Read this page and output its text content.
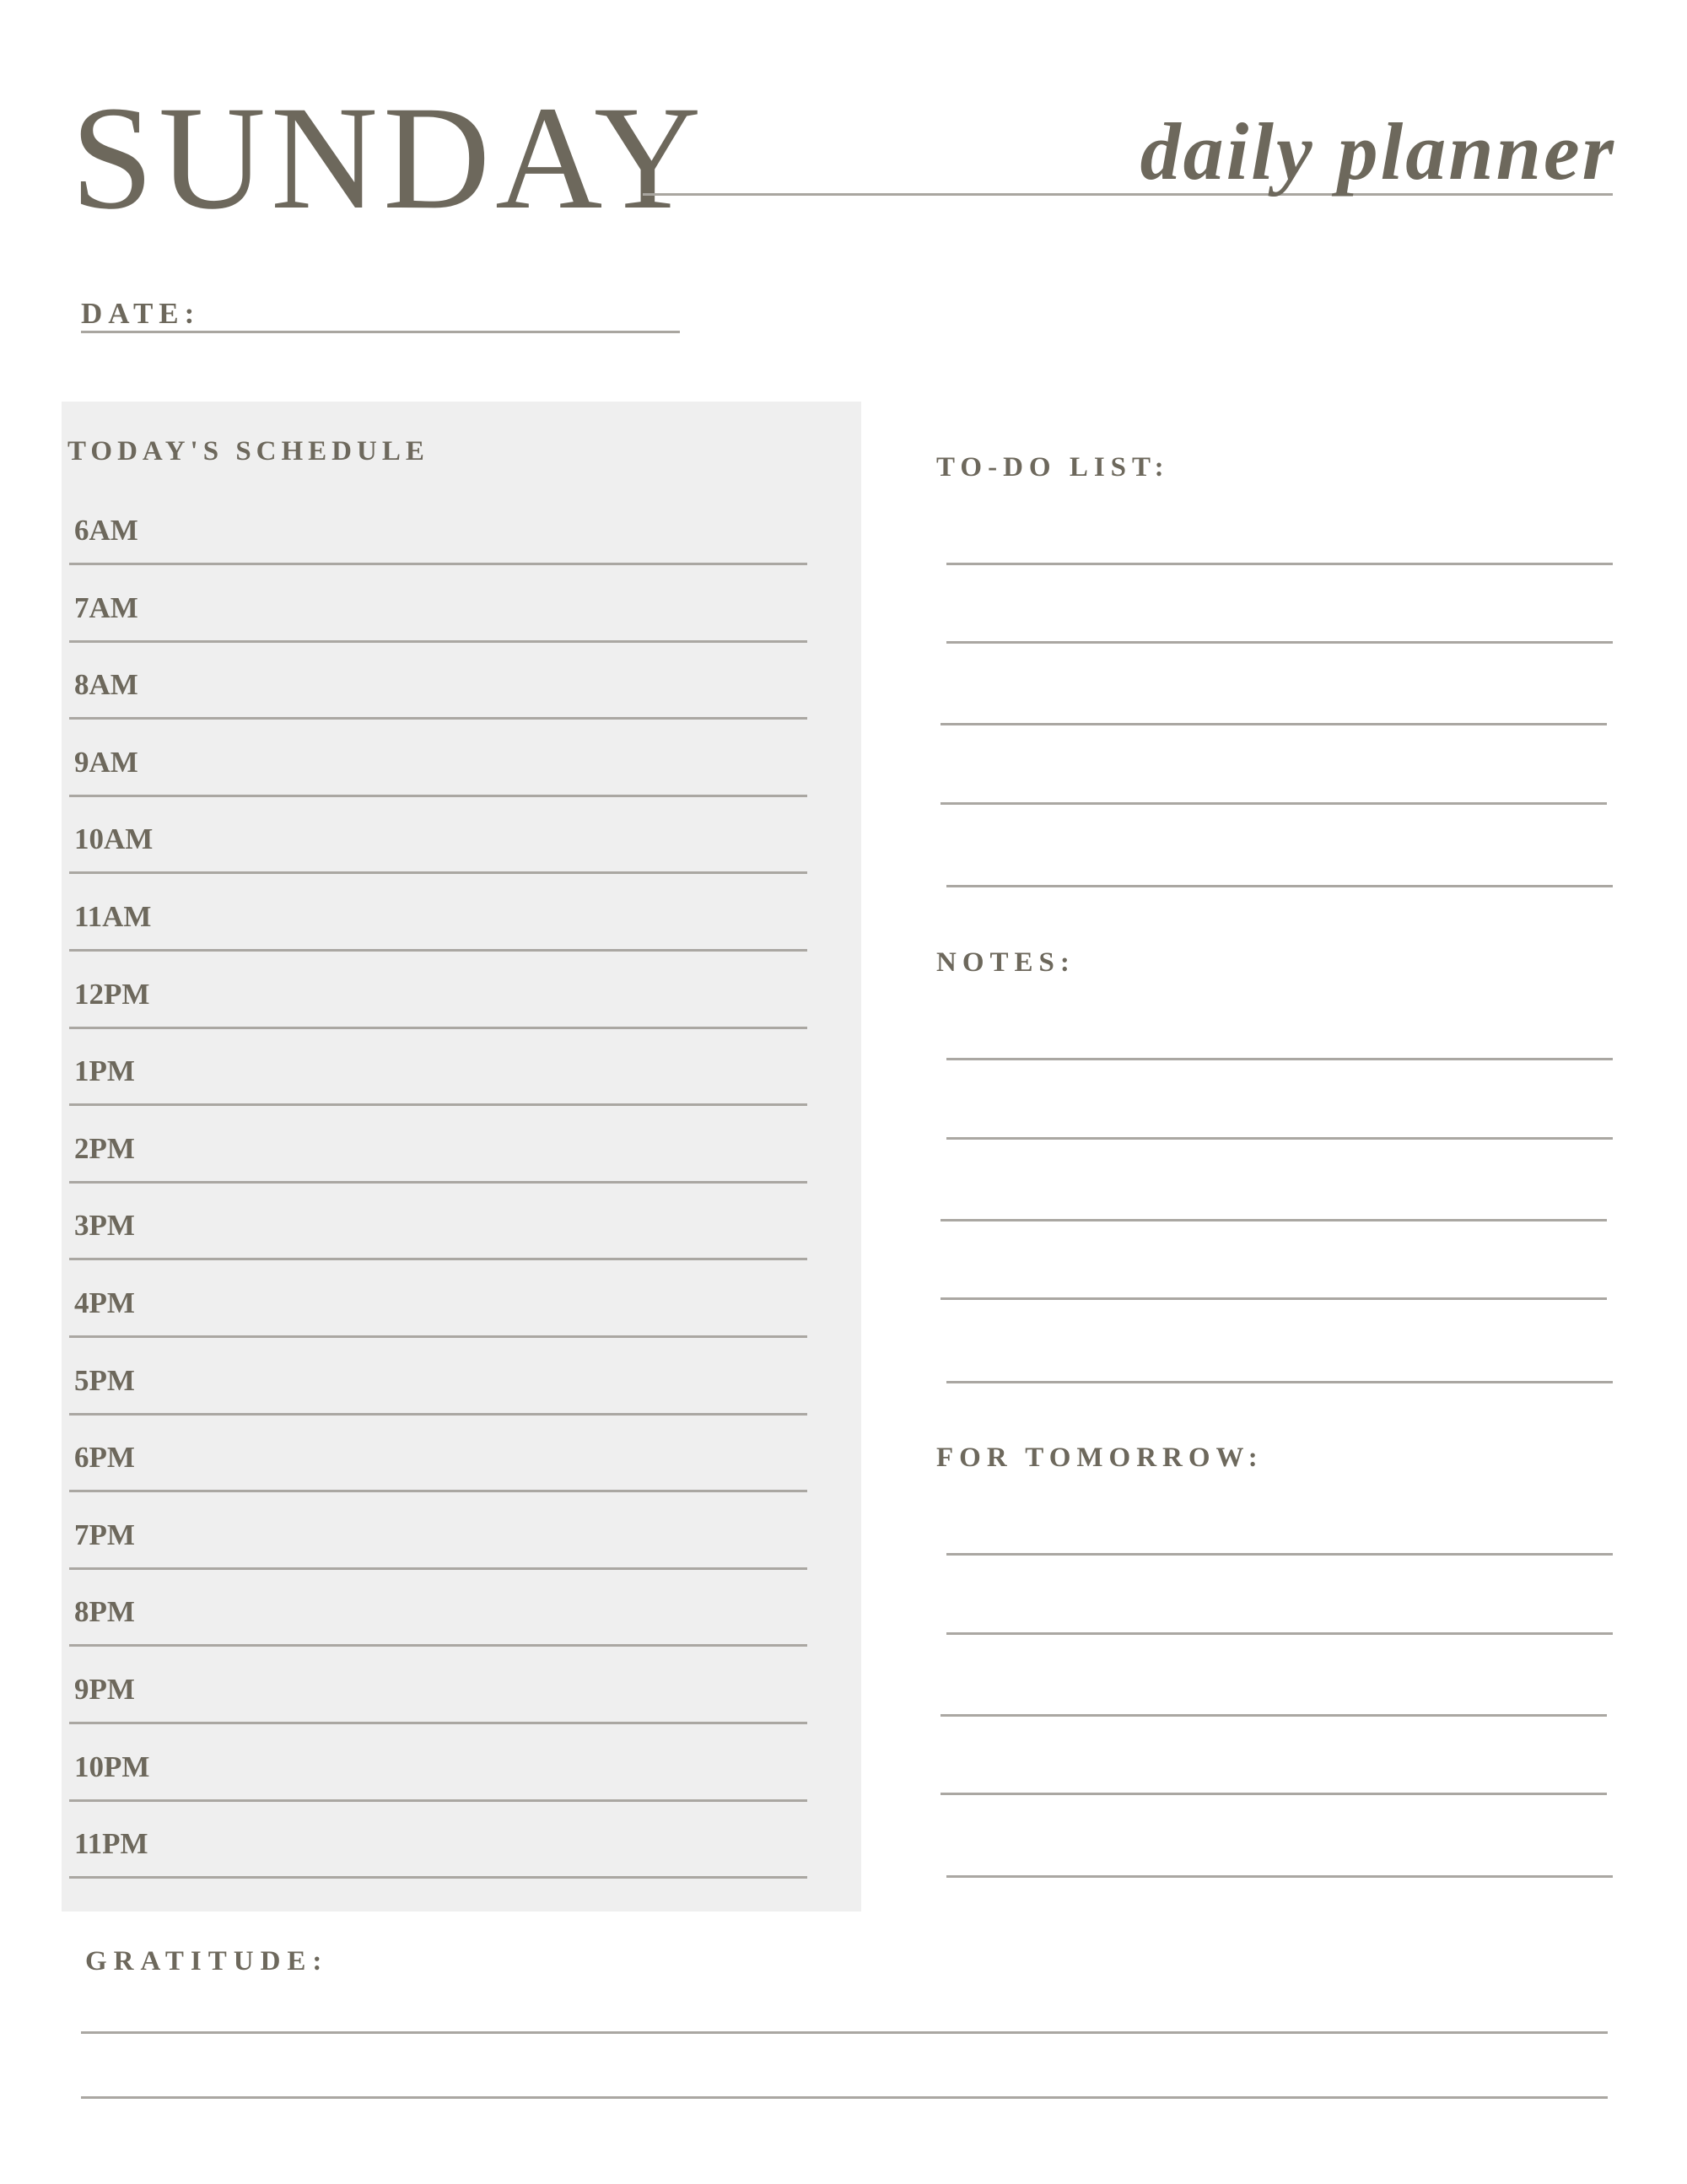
SUNDAY	daily planner
DATE:
TODAY'S SCHEDULE
6AM
7AM
8AM
9AM
10AM
11AM
12PM
1PM
2PM
3PM
4PM
5PM
6PM
7PM
8PM
9PM
10PM
11PM
TO-DO LIST:
NOTES:
FOR TOMORROW:
GRATITUDE:
